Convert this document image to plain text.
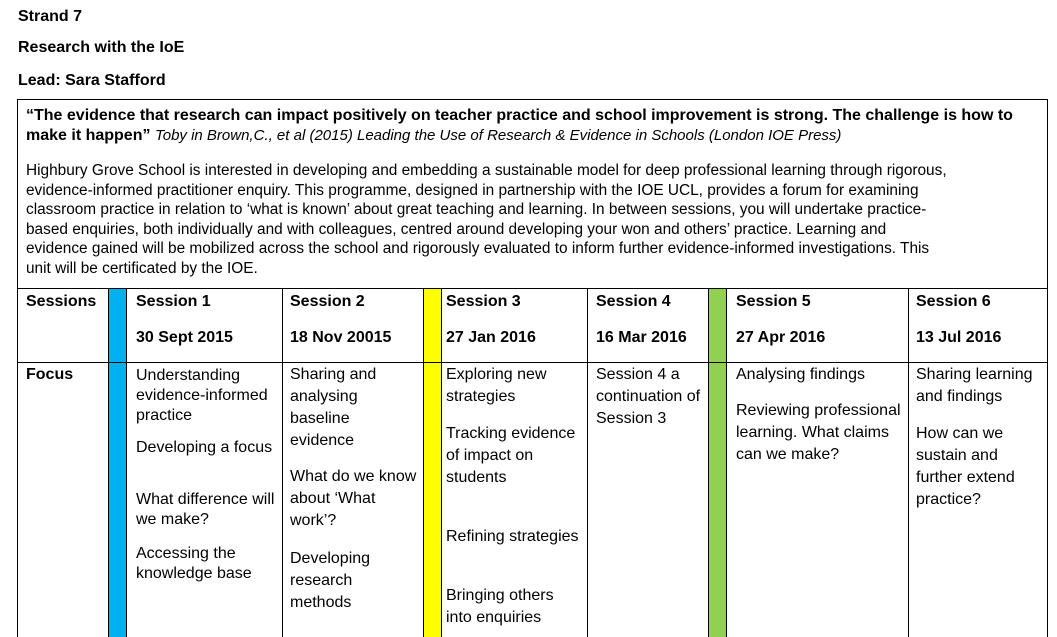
Strand 7
Research with the IoE
Lead: Sara Stafford
“The evidence that research can impact positively on teacher practice and school improvement is strong. The challenge is how to make it happen” Toby in Brown,C., et al (2015) Leading the Use of Research & Evidence in Schools (London IOE Press)
Highbury Grove School is interested in developing and embedding a sustainable model for deep professional learning through rigorous,
evidence-informed practitioner enquiry. This programme, designed in partnership with the IOE UCL, provides a forum for examining
classroom practice in relation to ‘what is known’ about great teaching and learning. In between sessions, you will undertake practice-
based enquiries, both individually and with colleagues, centred around developing your won and others’ practice. Learning and
evidence gained will be mobilized across the school and rigorously evaluated to inform further evidence-informed investigations. This
unit will be certificated by the IOE.
Sessions
Focus
Session 1
30 Sept 2015
Session 2
18 Nov 20015
Session 3
27 Jan 2016
Session 4
16 Mar 2016
Session 5
27 Apr 2016
Session 6
13 Jul 2016
Understanding evidence-informed practice
Developing a focus
What difference will we make?
Accessing the knowledge base
Sharing and analysing baseline evidence
What do we know about ‘What work’?
Developing research methods
Exploring new strategies
Tracking evidence of impact on students
Refining strategies
Bringing others into enquiries
Session 4 a continuation of Session 3
Analysing findings
Reviewing professional learning. What claims can we make?
Sharing learning and findings
How can we sustain and further extend practice?
